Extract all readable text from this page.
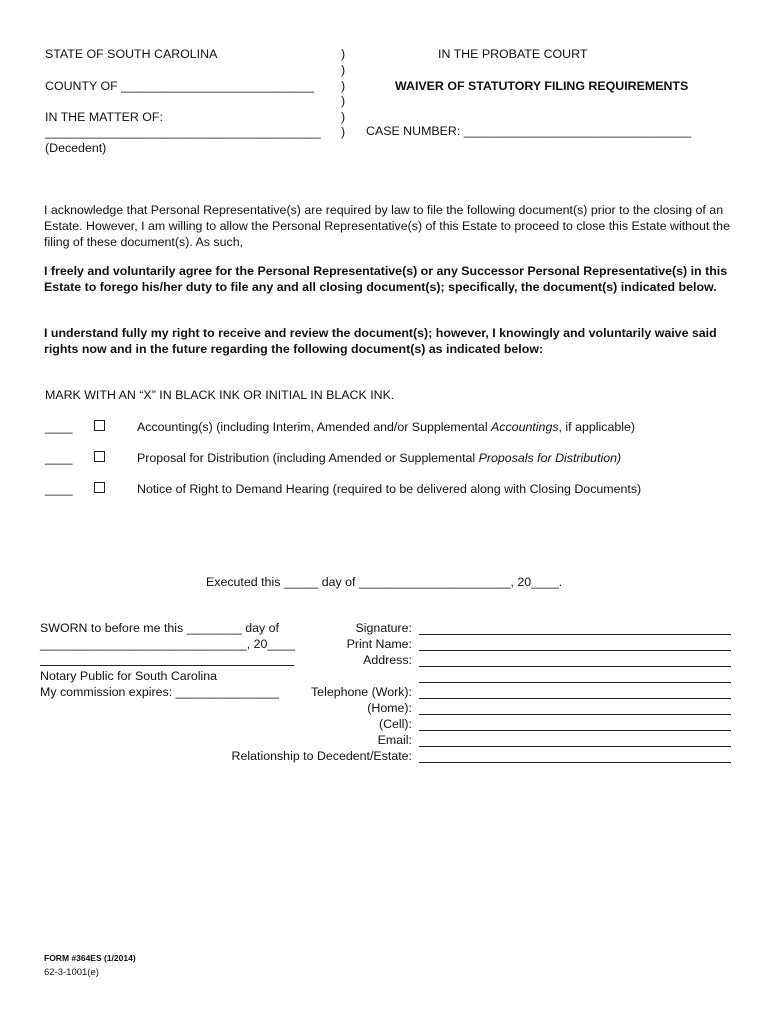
STATE OF SOUTH CAROLINA
COUNTY OF ____________________________
IN THE MATTER OF:
________________________________________
(Decedent)
)
)
)
)
)
)
IN THE PROBATE COURT
WAIVER OF STATUTORY FILING REQUIREMENTS
CASE NUMBER: _________________________________
I acknowledge that Personal Representative(s) are required by law to file the following document(s) prior to the closing of an Estate. However, I am willing to allow the Personal Representative(s) of this Estate to proceed to close this Estate without the filing of these document(s). As such,
I freely and voluntarily agree for the Personal Representative(s) or any Successor Personal Representative(s) in this Estate to forego his/her duty to file any and all closing document(s); specifically, the document(s) indicated below.
I understand fully my right to receive and review the document(s); however, I knowingly and voluntarily waive said rights now and in the future regarding the following document(s) as indicated below:
MARK WITH AN “X” IN BLACK INK OR INITIAL IN BLACK INK.
____	Accounting(s) (including Interim, Amended and/or Supplemental Accountings, if applicable)
____	Proposal for Distribution (including Amended or Supplemental Proposals for Distribution)
____	Notice of Right to Demand Hearing (required to be delivered along with Closing Documents)
Executed this _____ day of ______________________, 20____.
SWORN to before me this ________ day of
______________________________, 20____
Notary Public for South Carolina
My commission expires: _______________
Signature:
Print Name:
Address:
Telephone (Work):
(Home):
(Cell):
Email:
Relationship to Decedent/Estate:
FORM #364ES (1/2014)
62-3-1001(e)
